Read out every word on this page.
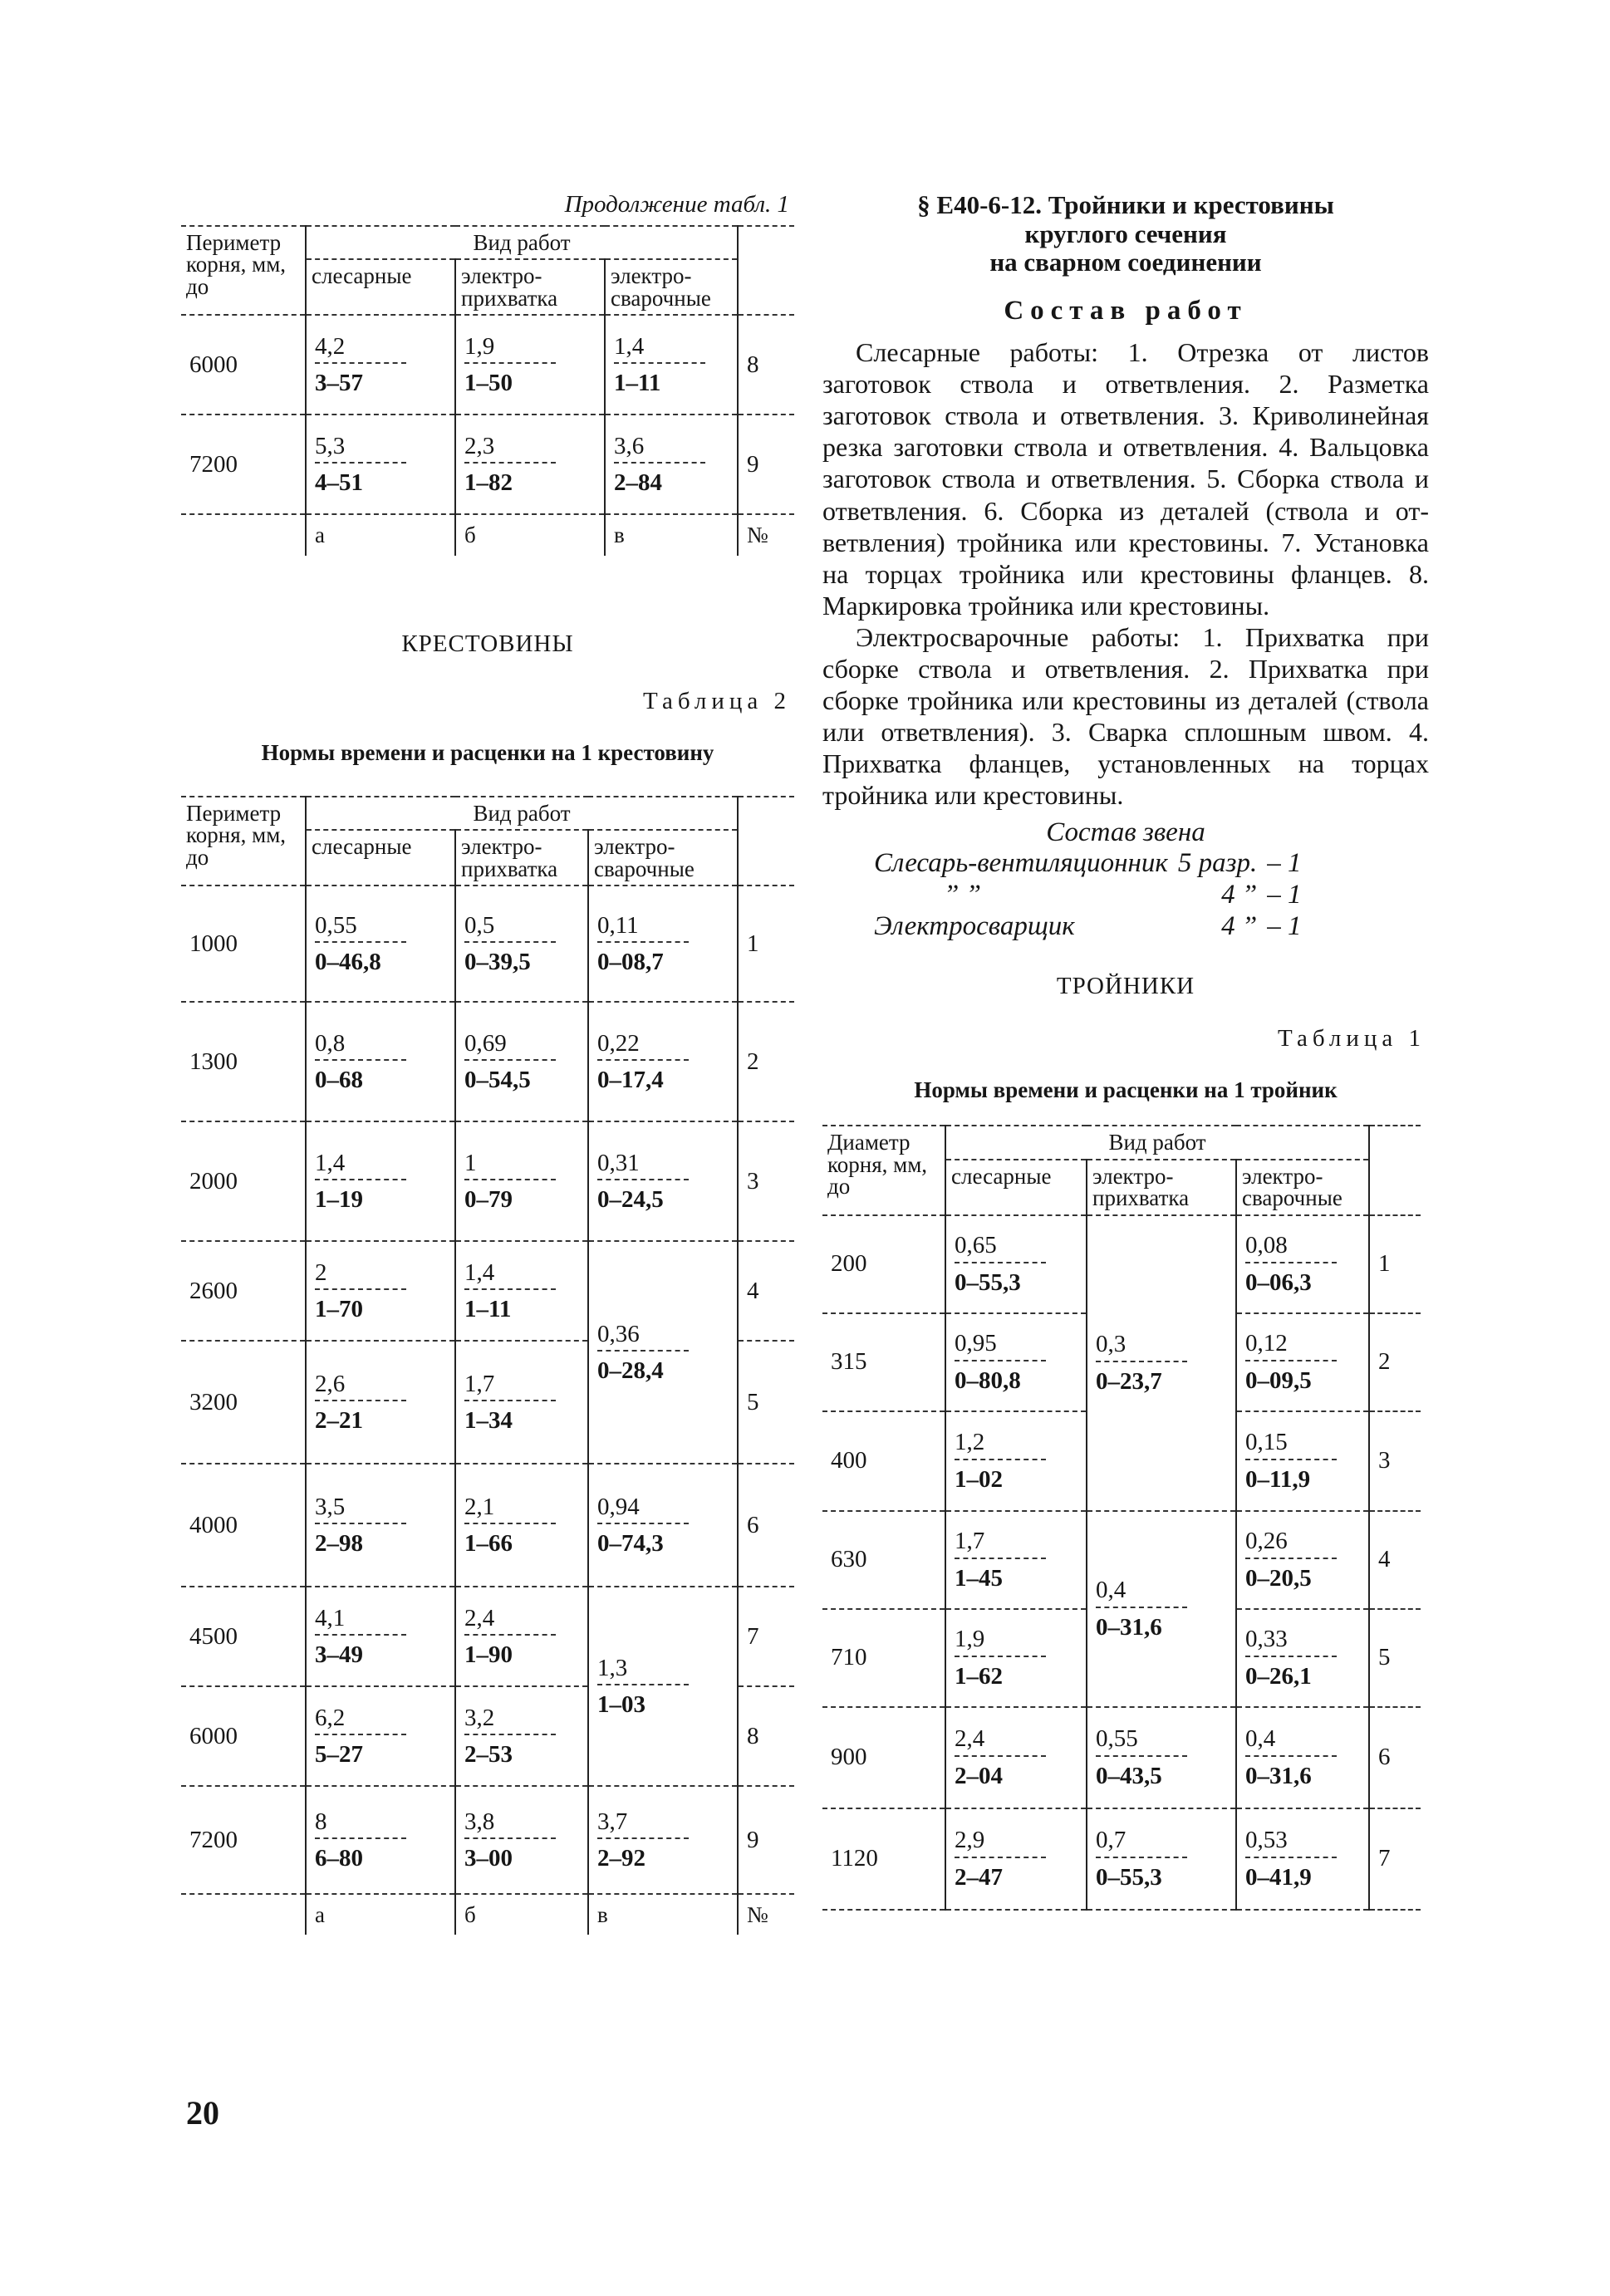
Продолжение табл. 1
Периметр корня, мм, до	Вид работ			
	слесарные	электроприхватка	электросварочные	
6000	$\frac{4,2}{3-57}$	$\frac{1,9}{1-50}$	$\frac{1,4}{1-11}$	8
7200	$\frac{5,3}{4-51}$	$\frac{2,3}{1-82}$	$\frac{3,6}{2-84}$	9
	а	б	в	№
КРЕСТОВИНЫ
Таблица 2
Нормы времени и расценки на 1 крестовину
Периметр корня, мм, до	Вид работ			
	слесарные	электроприхватка	электросварочные	
1000	$\frac{0,55}{0-46,8}$	$\frac{0,5}{0-39,5}$	$\frac{0,11}{0-08,7}$	1
1300	$\frac{0,8}{0-68}$	$\frac{0,69}{0-54,5}$	$\frac{0,22}{0-17,4}$	2
2000	$\frac{1,4}{1-19}$	$\frac{1}{0-79}$	$\frac{0,31}{0-24,5}$	3
2600	$\frac{2}{1-70}$	$\frac{1,4}{1-11}$	$\frac{0,36}{0-28,4}$	4
3200	$\frac{2,6}{2-21}$	$\frac{1,7}{1-34}$		5
4000	$\frac{3,5}{2-98}$	$\frac{2,1}{1-66}$	$\frac{0,94}{0-74,3}$	6
4500	$\frac{4,1}{3-49}$	$\frac{2,4}{1-90}$	$\frac{1,3}{1-03}$	7
6000	$\frac{6,2}{5-27}$	$\frac{3,2}{2-53}$		8
7200	$\frac{8}{6-80}$	$\frac{3,8}{3-00}$	$\frac{3,7}{2-92}$	9
	а	б	в	№
§ Е40-6-12. Тройники и крестовины
круглого сечения
на сварном соединении
Состав работ

Слесарные работы: 1. Отрезка от листов заготовок ствола и ответвления. 2. Разметка заготовок ствола и ответвления. 3. Криволинейная резка заготовки ствола и ответвления. 4. Вальцовка заготовок ствола и ответвления. 5. Сборка ствола и ответвления. 6. Сборка из деталей (ствола и ответвления) тройника или крестовины. 7. Установка на торцах тройника или крестовины фланцев. 8. Маркировка тройника или крестовины.

Электросварочные работы: 1. Прихватка при сборке ствола и ответвления. 2. Прихватка при сборке тройника или крестовины из деталей (ствола или ответвления). 3. Сварка сплошным швом. 4. Прихватка фланцев, установленных на торцах тройника или крестовины.

Состав звена
Слесарь-вентиляционник	5 разр.	– 1
” ”	4 ”	– 1
Электросварщик	4 ”	– 1
ТРОЙНИКИ
Таблица 1
Нормы времени и расценки на 1 тройник
Диаметр корня, мм, до	Вид работ			
	слесарные	электроприхватка	электросварочные	
200	$\frac{0,65}{0-55,3}$	$\frac{0,3}{0-23,7}$	$\frac{0,08}{0-06,3}$	1
315	$\frac{0,95}{0-80,8}$		$\frac{0,12}{0-09,5}$	2
400	$\frac{1,2}{1-02}$		$\frac{0,15}{0-11,9}$	3
630	$\frac{1,7}{1-45}$	$\frac{0,4}{0-31,6}$	$\frac{0,26}{0-20,5}$	4
710	$\frac{1,9}{1-62}$		$\frac{0,33}{0-26,1}$	5
900	$\frac{2,4}{2-04}$	$\frac{0,55}{0-43,5}$	$\frac{0,4}{0-31,6}$	6
1120	$\frac{2,9}{2-47}$	$\frac{0,7}{0-55,3}$	$\frac{0,53}{0-41,9}$	7
20
